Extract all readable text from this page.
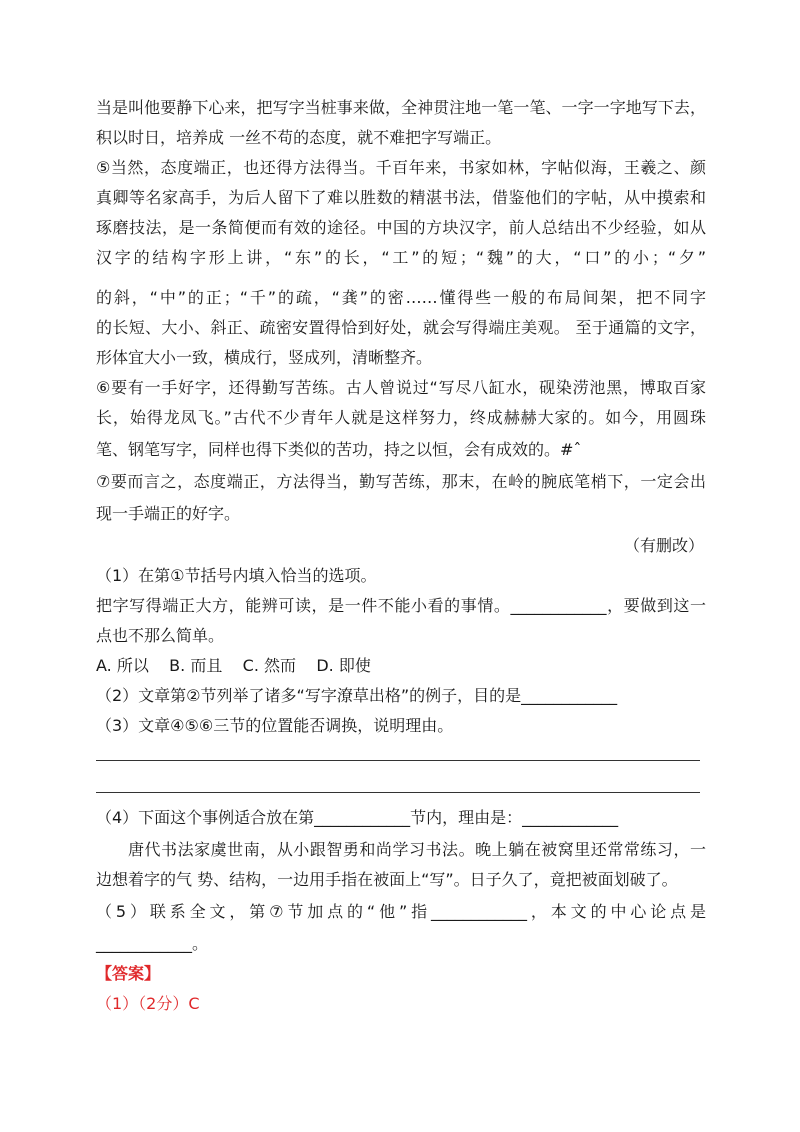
当是叫他要静下心来，把写字当桩事来做，全神贯注地一笔一笔、一字一字地写下去，
积以时日，培养成 一丝不苟的态度，就不难把字写端正。
⑤当然，态度端正，也还得方法得当。千百年来，书家如林，字帖似海，王羲之、颜
真卿等名家高手，为后人留下了难以胜数的精湛书法，借鉴他们的字帖，从中摸索和
琢磨技法，是一条简便而有效的途径。中国的方块汉字，前人总结出不少经验，如从
汉字的结构字形上讲，“东”的长，“工”的短；“魏”的大，“口”的小；“夕”
的斜，“中”的正；“千”的疏，“龚”的密……懂得些一般的布局间架，把不同字
的长短、大小、斜正、疏密安置得恰到好处，就会写得端庄美观。 至于通篇的文字，
形体宜大小一致，横成行，竖成列，清晰整齐。
⑥要有一手好字，还得勤写苦练。古人曾说过“写尽八缸水，砚染涝池黑，博取百家
长，始得龙凤飞。”古代不少青年人就是这样努力，终成赫赫大家的。如今，用圆珠
笔、钢笔写字，同样也得下类似的苦功，持之以恒，会有成效的。#ˆ
⑦要而言之，态度端正，方法得当，勤写苦练，那末，在岭的腕底笔梢下，一定会出
现一手端正的好字。
（有删改）
（1）在第①节括号内填入恰当的选项。
把字写得端正大方，能辨可读，是一件不能小看的事情。____________，要做到这一
点也不那么简单。
A. 所以    B. 而且    C. 然而    D. 即使
（2）文章第②节列举了诸多“写字潦草出格”的例子，目的是____________
（3）文章④⑤⑥三节的位置能否调换，说明理由。
（4）下面这个事例适合放在第____________节内，理由是：____________
唐代书法家虞世南，从小跟智勇和尚学习书法。晚上躺在被窝里还常常练习，一
边想着字的气 势、结构，一边用手指在被面上“写”。日子久了，竟把被面划破了。
（5）联系全文，第⑦节加点的“他”指____________，本文的中心论点是
____________。
【答案】
（1）（2分）C
